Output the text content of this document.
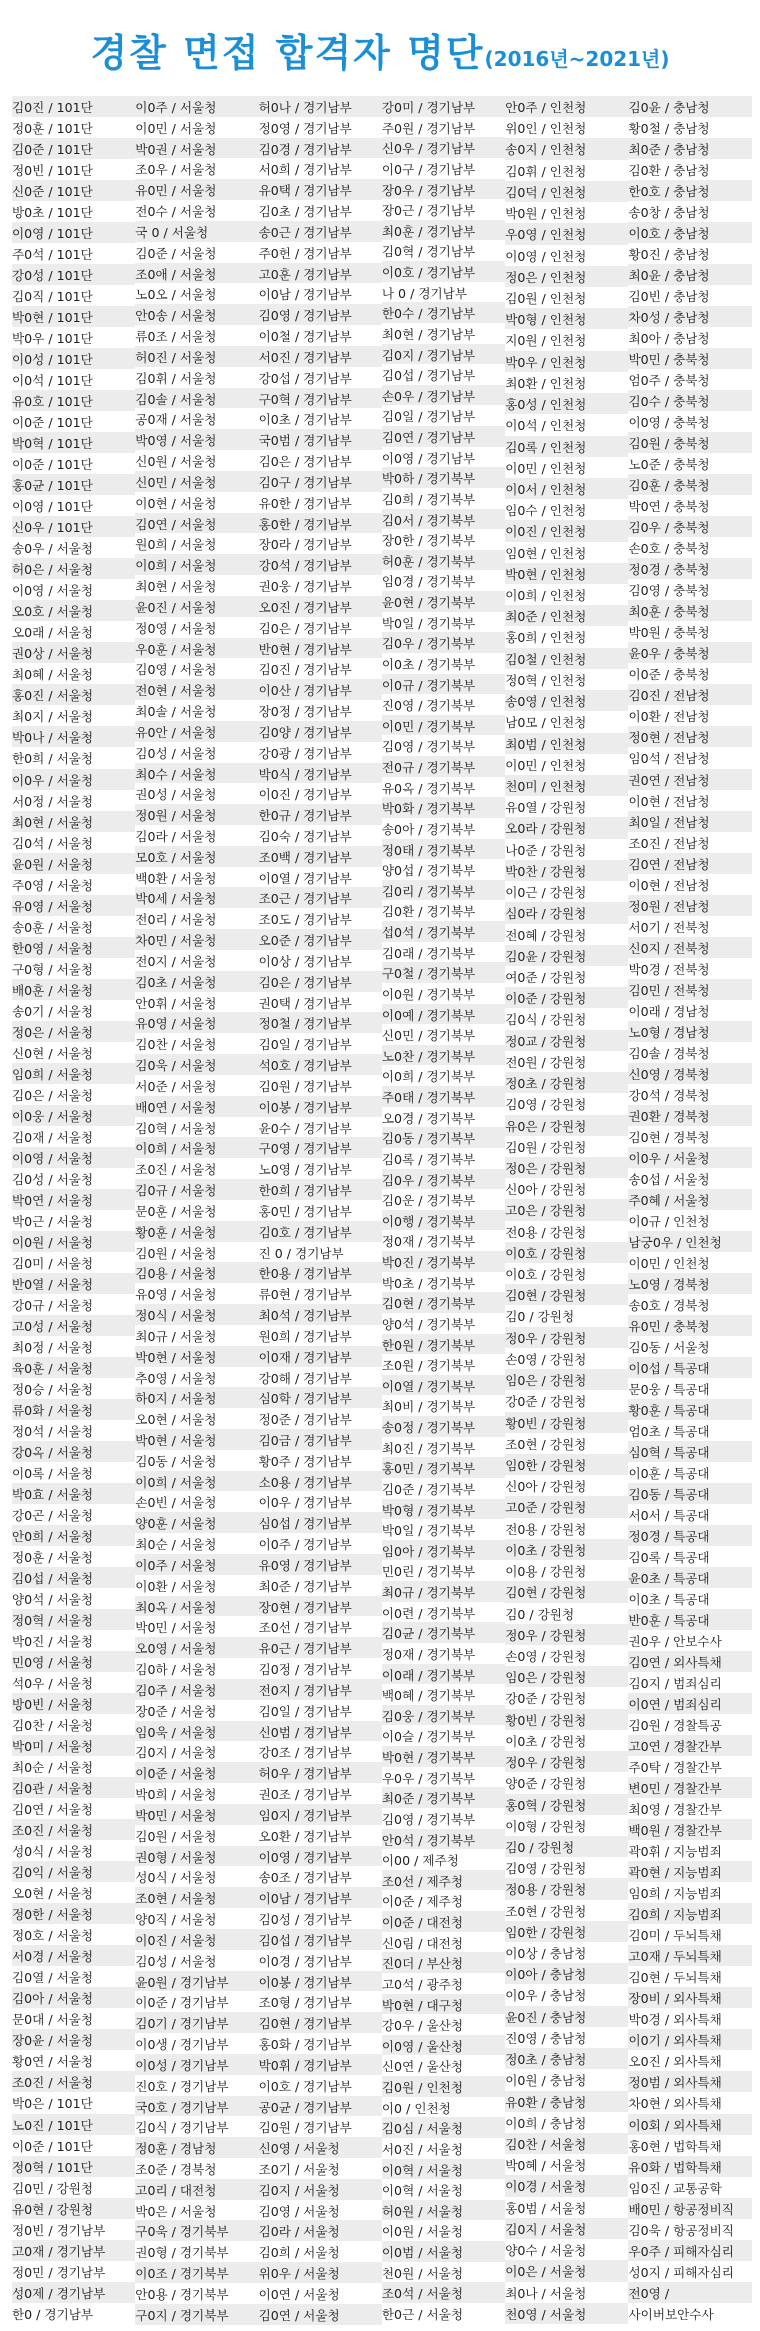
경찰 면접 합격자 명단(2016년~2021년)
김0진 / 101단
정0훈 / 101단
김0준 / 101단
정0빈 / 101단
신0준 / 101단
방0초 / 101단
이0영 / 101단
주0석 / 101단
강0성 / 101단
김0직 / 101단
박0현 / 101단
박0우 / 101단
이0성 / 101단
이0석 / 101단
유0호 / 101단
이0준 / 101단
박0혁 / 101단
이0준 / 101단
홍0균 / 101단
이0영 / 101단
신0우 / 101단
송0우 / 서울청
허0은 / 서울청
이0영 / 서울청
오0호 / 서울청
오0래 / 서울청
권0상 / 서울청
최0혜 / 서울청
홍0진 / 서울청
최0지 / 서울청
박0나 / 서울청
한0희 / 서울청
이0우 / 서울청
서0정 / 서울청
최0현 / 서울청
김0석 / 서울청
윤0원 / 서울청
주0영 / 서울청
유0영 / 서울청
송0훈 / 서울청
한0영 / 서울청
구0형 / 서울청
배0훈 / 서울청
송0기 / 서울청
정0은 / 서울청
신0현 / 서울청
임0희 / 서울청
김0은 / 서울청
이0웅 / 서울청
김0재 / 서울청
이0영 / 서울청
김0성 / 서울청
박0연 / 서울청
박0근 / 서울청
이0원 / 서울청
김0미 / 서울청
반0열 / 서울청
강0규 / 서울청
고0성 / 서울청
최0정 / 서울청
육0훈 / 서울청
정0승 / 서울청
류0화 / 서울청
정0석 / 서울청
강0옥 / 서울청
이0록 / 서울청
박0효 / 서울청
강0곤 / 서울청
안0희 / 서울청
정0훈 / 서울청
김0섭 / 서울청
양0석 / 서울청
정0혁 / 서울청
박0진 / 서울청
민0영 / 서울청
석0우 / 서울청
방0빈 / 서울청
김0찬 / 서울청
박0미 / 서울청
최0순 / 서울청
김0관 / 서울청
김0연 / 서울청
조0진 / 서울청
성0식 / 서울청
김0익 / 서울청
오0현 / 서울청
정0한 / 서울청
정0호 / 서울청
서0경 / 서울청
김0열 / 서울청
김0아 / 서울청
문0대 / 서울청
장0윤 / 서울청
황0연 / 서울청
조0진 / 서울청
박0은 / 101단
노0진 / 101단
이0준 / 101단
정0혁 / 101단
김0민 / 강원청
유0현 / 강원청
정0빈 / 경기남부
고0재 / 경기남부
정0민 / 경기남부
성0제 / 경기남부
한0 / 경기남부
이0주 / 서울청
이0민 / 서울청
박0권 / 서울청
조0우 / 서울청
유0민 / 서울청
전0수 / 서울청
국 0 / 서울청
김0준 / 서울청
조0애 / 서울청
노0오 / 서울청
안0송 / 서울청
류0조 / 서울청
허0진 / 서울청
김0휘 / 서울청
김0솔 / 서울청
공0재 / 서울청
박0영 / 서울청
신0원 / 서울청
신0민 / 서울청
이0현 / 서울청
김0연 / 서울청
원0희 / 서울청
이0희 / 서울청
최0현 / 서울청
윤0진 / 서울청
정0영 / 서울청
우0훈 / 서울청
김0영 / 서울청
전0현 / 서울청
최0솔 / 서울청
유0안 / 서울청
김0성 / 서울청
최0수 / 서울청
권0성 / 서울청
정0원 / 서울청
김0라 / 서울청
모0호 / 서울청
백0환 / 서울청
박0세 / 서울청
전0리 / 서울청
차0민 / 서울청
전0지 / 서울청
김0초 / 서울청
안0휘 / 서울청
유0영 / 서울청
김0찬 / 서울청
김0욱 / 서울청
서0준 / 서울청
배0연 / 서울청
김0혁 / 서울청
이0희 / 서울청
조0진 / 서울청
김0규 / 서울청
문0훈 / 서울청
황0훈 / 서울청
김0원 / 서울청
김0용 / 서울청
유0영 / 서울청
정0식 / 서울청
최0규 / 서울청
박0현 / 서울청
추0영 / 서울청
하0지 / 서울청
오0현 / 서울청
박0현 / 서울청
김0동 / 서울청
이0희 / 서울청
손0빈 / 서울청
양0훈 / 서울청
최0순 / 서울청
이0주 / 서울청
이0환 / 서울청
최0옥 / 서울청
박0민 / 서울청
오0영 / 서울청
김0하 / 서울청
김0주 / 서울청
장0준 / 서울청
임0욱 / 서울청
김0지 / 서울청
이0준 / 서울청
박0희 / 서울청
박0민 / 서울청
김0원 / 서울청
권0형 / 서울청
성0식 / 서울청
조0현 / 서울청
양0직 / 서울청
이0진 / 서울청
김0성 / 서울청
윤0원 / 경기남부
이0준 / 경기남부
김0기 / 경기남부
이0생 / 경기남부
이0성 / 경기남부
진0호 / 경기남부
국0호 / 경기남부
김0식 / 경기남부
정0훈 / 경남청
조0준 / 경북청
고0리 / 대전청
박0은 / 서울청
구0욱 / 경기북부
권0형 / 경기북부
이0조 / 경기북부
안0용 / 경기북부
구0지 / 경기북부
허0나 / 경기남부
정0영 / 경기남부
김0경 / 경기남부
서0희 / 경기남부
유0택 / 경기남부
김0초 / 경기남부
송0근 / 경기남부
주0헌 / 경기남부
고0훈 / 경기남부
이0남 / 경기남부
김0영 / 경기남부
이0철 / 경기남부
서0진 / 경기남부
강0섭 / 경기남부
구0혁 / 경기남부
이0초 / 경기남부
국0범 / 경기남부
김0은 / 경기남부
김0구 / 경기남부
유0한 / 경기남부
홍0한 / 경기남부
장0라 / 경기남부
강0석 / 경기남부
권0웅 / 경기남부
오0진 / 경기남부
김0은 / 경기남부
반0현 / 경기남부
김0진 / 경기남부
이0산 / 경기남부
장0정 / 경기남부
김0양 / 경기남부
강0광 / 경기남부
박0식 / 경기남부
이0진 / 경기남부
한0규 / 경기남부
김0숙 / 경기남부
조0백 / 경기남부
이0열 / 경기남부
조0근 / 경기남부
조0도 / 경기남부
오0준 / 경기남부
이0상 / 경기남부
김0은 / 경기남부
권0택 / 경기남부
정0철 / 경기남부
김0일 / 경기남부
석0호 / 경기남부
김0원 / 경기남부
이0봉 / 경기남부
윤0수 / 경기남부
구0영 / 경기남부
노0영 / 경기남부
한0희 / 경기남부
홍0민 / 경기남부
김0호 / 경기남부
진 0 / 경기남부
한0용 / 경기남부
류0현 / 경기남부
최0석 / 경기남부
원0희 / 경기남부
이0재 / 경기남부
강0해 / 경기남부
심0학 / 경기남부
정0준 / 경기남부
김0금 / 경기남부
황0주 / 경기남부
소0용 / 경기남부
이0우 / 경기남부
심0섭 / 경기남부
이0주 / 경기남부
유0영 / 경기남부
최0준 / 경기남부
장0현 / 경기남부
조0선 / 경기남부
유0근 / 경기남부
김0정 / 경기남부
전0지 / 경기남부
김0일 / 경기남부
신0범 / 경기남부
강0조 / 경기남부
허0우 / 경기남부
권0조 / 경기남부
임0지 / 경기남부
오0환 / 경기남부
이0영 / 경기남부
송0조 / 경기남부
이0남 / 경기남부
김0성 / 경기남부
김0섭 / 경기남부
이0경 / 경기남부
이0봉 / 경기남부
조0형 / 경기남부
김0현 / 경기남부
홍0화 / 경기남부
박0휘 / 경기남부
이0호 / 경기남부
공0균 / 경기남부
김0원 / 경기남부
신0영 / 서울청
조0기 / 서울청
김0지 / 서울청
김0영 / 서울청
김0라 / 서울청
김0희 / 서울청
위0우 / 서울청
이0연 / 서울청
김0연 / 서울청
강0미 / 경기남부
주0원 / 경기남부
신0우 / 경기남부
이0구 / 경기남부
장0우 / 경기남부
장0근 / 경기남부
최0훈 / 경기남부
김0혁 / 경기남부
이0호 / 경기남부
나 0 / 경기남부
한0수 / 경기남부
최0현 / 경기남부
김0지 / 경기남부
김0섭 / 경기남부
손0우 / 경기남부
김0일 / 경기남부
김0연 / 경기남부
이0영 / 경기남부
박0하 / 경기북부
김0희 / 경기북부
김0서 / 경기북부
장0한 / 경기북부
허0훈 / 경기북부
임0경 / 경기북부
윤0현 / 경기북부
박0일 / 경기북부
김0우 / 경기북부
이0초 / 경기북부
이0규 / 경기북부
진0영 / 경기북부
이0민 / 경기북부
김0영 / 경기북부
전0규 / 경기북부
유0옥 / 경기북부
박0화 / 경기북부
송0아 / 경기북부
정0태 / 경기북부
양0섭 / 경기북부
김0리 / 경기북부
김0환 / 경기북부
섭0석 / 경기북부
김0래 / 경기북부
구0철 / 경기북부
이0원 / 경기북부
이0예 / 경기북부
신0민 / 경기북부
노0찬 / 경기북부
이0희 / 경기북부
주0태 / 경기북부
오0경 / 경기북부
김0동 / 경기북부
김0록 / 경기북부
김0우 / 경기북부
김0운 / 경기북부
이0행 / 경기북부
정0재 / 경기북부
박0진 / 경기북부
박0초 / 경기북부
김0현 / 경기북부
양0석 / 경기북부
한0원 / 경기북부
조0원 / 경기북부
이0열 / 경기북부
최0비 / 경기북부
송0정 / 경기북부
최0진 / 경기북부
홍0민 / 경기북부
김0준 / 경기북부
박0형 / 경기북부
박0일 / 경기북부
임0아 / 경기북부
민0린 / 경기북부
최0규 / 경기북부
이0련 / 경기북부
김0균 / 경기북부
정0재 / 경기북부
이0래 / 경기북부
백0혜 / 경기북부
김0웅 / 경기북부
이0슬 / 경기북부
박0현 / 경기북부
우0우 / 경기북부
최0준 / 경기북부
김0영 / 경기북부
안0석 / 경기북부
이00 / 제주청
조0선 / 제주청
이0준 / 제주청
이0준 / 대전청
신0림 / 대전청
진0더 / 부산청
고0석 / 광주청
박0현 / 대구청
강0우 / 울산청
이0영 / 울산청
신0연 / 울산청
김0원 / 인천청
이0 / 인천청
김0심 / 서울청
서0진 / 서울청
이0혁 / 서울청
이0혁 / 서울청
허0원 / 서울청
이0원 / 서울청
이0범 / 서울청
천0원 / 서울청
조0석 / 서울청
한0근 / 서울청
안0주 / 인천청
위0인 / 인천청
송0지 / 인천청
김0휘 / 인천청
김0덕 / 인천청
박0원 / 인천청
우0영 / 인천청
이0영 / 인천청
정0은 / 인천청
김0원 / 인천청
박0형 / 인천청
지0원 / 인천청
박0우 / 인천청
최0환 / 인천청
홍0성 / 인천청
이0석 / 인천청
김0록 / 인천청
이0민 / 인천청
이0서 / 인천청
임0수 / 인천청
이0진 / 인천청
임0현 / 인천청
박0현 / 인천청
이0희 / 인천청
최0준 / 인천청
홍0희 / 인천청
김0철 / 인천청
정0혁 / 인천청
송0영 / 인천청
남0모 / 인천청
최0범 / 인천청
이0민 / 인천청
천0미 / 인천청
유0열 / 강원청
오0라 / 강원청
나0준 / 강원청
박0찬 / 강원청
이0근 / 강원청
심0라 / 강원청
전0혜 / 강원청
김0윤 / 강원청
여0준 / 강원청
이0준 / 강원청
김0식 / 강원청
정0교 / 강원청
전0원 / 강원청
정0초 / 강원청
김0영 / 강원청
유0은 / 강원청
김0원 / 강원청
정0은 / 강원청
신0아 / 강원청
고0은 / 강원청
전0용 / 강원청
이0호 / 강원청
이0호 / 강원청
김0현 / 강원청
김0 / 강원청
정0우 / 강원청
손0영 / 강원청
임0은 / 강원청
강0준 / 강원청
황0빈 / 강원청
조0현 / 강원청
임0한 / 강원청
신0아 / 강원청
고0준 / 강원청
전0용 / 강원청
이0초 / 강원청
이0용 / 강원청
김0현 / 강원청
김0 / 강원청
정0우 / 강원청
손0영 / 강원청
임0은 / 강원청
강0준 / 강원청
황0빈 / 강원청
이0초 / 강원청
정0우 / 강원청
양0준 / 강원청
홍0혁 / 강원청
이0형 / 강원청
김0 / 강원청
김0영 / 강원청
정0용 / 강원청
조0현 / 강원청
임0한 / 강원청
이0상 / 충남청
이0아 / 충남청
이0우 / 충남청
윤0진 / 충남청
진0영 / 충남청
정0초 / 충남청
이0원 / 충남청
유0환 / 충남청
이0희 / 충남청
김0찬 / 서울청
박0혜 / 서울청
이0경 / 서울청
홍0범 / 서울청
김0지 / 서울청
양0수 / 서울청
이0은 / 서울청
최0나 / 서울청
천0영 / 서울청
김0윤 / 충남청
황0철 / 충남청
최0준 / 충남청
김0환 / 충남청
한0호 / 충남청
송0창 / 충남청
이0호 / 충남청
황0진 / 충남청
최0윤 / 충남청
김0빈 / 충남청
차0성 / 충남청
최0아 / 충남청
박0민 / 충북청
엄0주 / 충북청
김0수 / 충북청
이0영 / 충북청
김0원 / 충북청
노0준 / 충북청
김0훈 / 충북청
박0연 / 충북청
김0우 / 충북청
손0호 / 충북청
정0경 / 충북청
김0영 / 충북청
최0훈 / 충북청
박0원 / 충북청
윤0우 / 충북청
이0준 / 충북청
김0진 / 전남청
이0환 / 전남청
정0현 / 전남청
임0석 / 전남청
권0연 / 전남청
이0현 / 전남청
최0일 / 전남청
조0진 / 전남청
김0연 / 전남청
이0현 / 전남청
정0원 / 전남청
서0기 / 전북청
신0지 / 전북청
박0경 / 전북청
김0민 / 전북청
이0래 / 경남청
노0형 / 경남청
김0솔 / 경북청
신0영 / 경북청
강0석 / 경북청
권0환 / 경북청
김0현 / 경북청
이0우 / 서울청
송0섭 / 서울청
주0혜 / 서울청
이0규 / 인천청
남궁0우 / 인천청
이0민 / 인천청
노0영 / 경북청
송0호 / 경북청
유0민 / 충북청
김0동 / 서울청
이0섭 / 특공대
문0웅 / 특공대
황0훈 / 특공대
엄0초 / 특공대
심0혁 / 특공대
이0훈 / 특공대
김0동 / 특공대
서0서 / 특공대
정0경 / 특공대
김0록 / 특공대
윤0초 / 특공대
이0초 / 특공대
반0훈 / 특공대
권0우 / 안보수사
김0연 / 외사특채
김0지 / 범죄심리
이0연 / 범죄심리
김0원 / 경찰특공
고0연 / 경찰간부
주0탁 / 경찰간부
변0민 / 경찰간부
최0영 / 경찰간부
백0원 / 경찰간부
곽0휘 / 지능범죄
곽0현 / 지능범죄
임0희 / 지능범죄
김0희 / 지능범죄
김0미 / 두뇌특채
고0재 / 두뇌특채
김0현 / 두뇌특채
장0비 / 외사특채
박0경 / 외사특채
이0기 / 외사특채
오0진 / 외사특채
정0범 / 외사특채
차0현 / 외사특채
이0회 / 외사특채
홍0현 / 법학특채
유0화 / 법학특채
임0진 / 교통공학
배0민 / 항공정비직
김0욱 / 항공정비직
우0주 / 피해자심리
성0지 / 피해자심리
전0영 /
사이버보안수사
